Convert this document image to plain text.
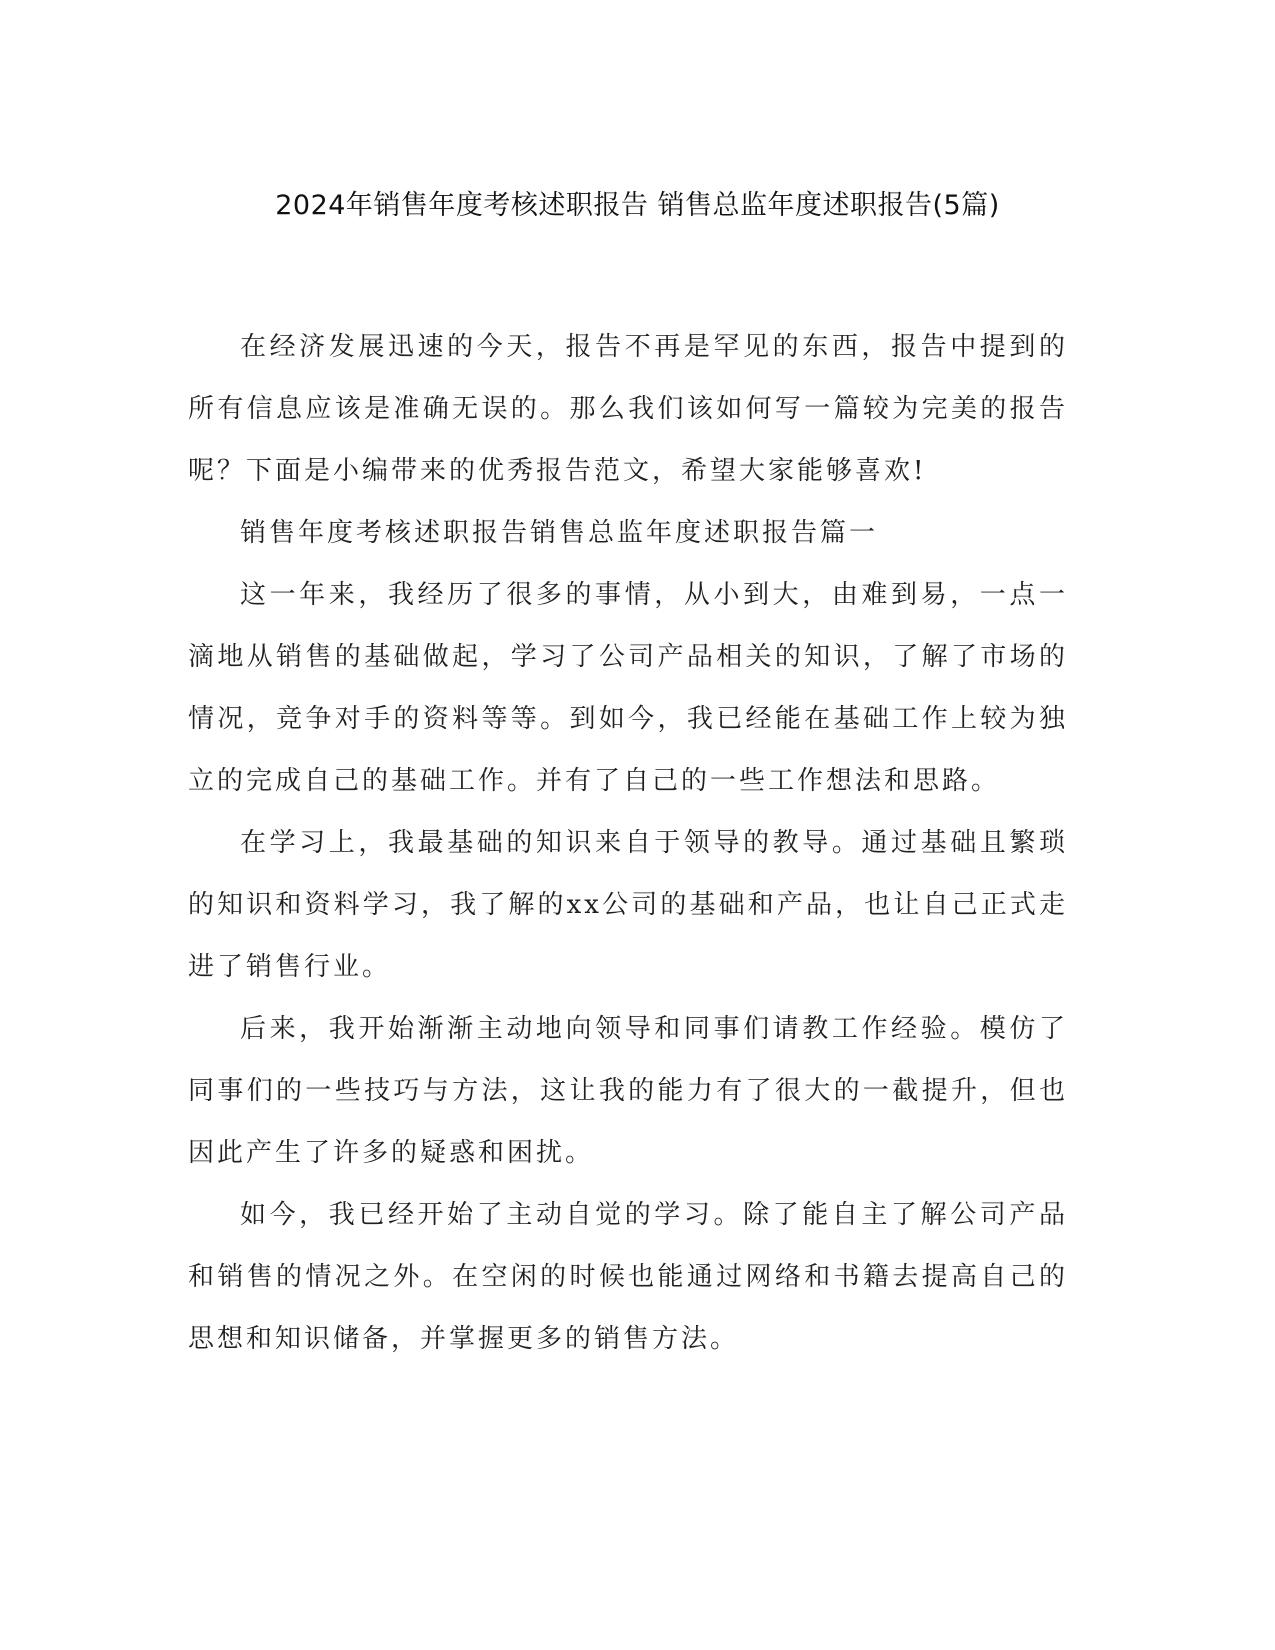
2024年销售年度考核述职报告 销售总监年度述职报告(5篇)

在经济发展迅速的今天，报告不再是罕见的东西，报告中提到的所有信息应该是准确无误的。那么我们该如何写一篇较为完美的报告呢？下面是小编带来的优秀报告范文，希望大家能够喜欢!

销售年度考核述职报告销售总监年度述职报告篇一

这一年来，我经历了很多的事情，从小到大，由难到易，一点一滴地从销售的基础做起，学习了公司产品相关的知识，了解了市场的情况，竞争对手的资料等等。到如今，我已经能在基础工作上较为独立的完成自己的基础工作。并有了自己的一些工作想法和思路。

在学习上，我最基础的知识来自于领导的教导。通过基础且繁琐的知识和资料学习，我了解的xx公司的基础和产品，也让自己正式走进了销售行业。

后来，我开始渐渐主动地向领导和同事们请教工作经验。模仿了同事们的一些技巧与方法，这让我的能力有了很大的一截提升，但也因此产生了许多的疑惑和困扰。

如今，我已经开始了主动自觉的学习。除了能自主了解公司产品和销售的情况之外。在空闲的时候也能通过网络和书籍去提高自己的思想和知识储备，并掌握更多的销售方法。
